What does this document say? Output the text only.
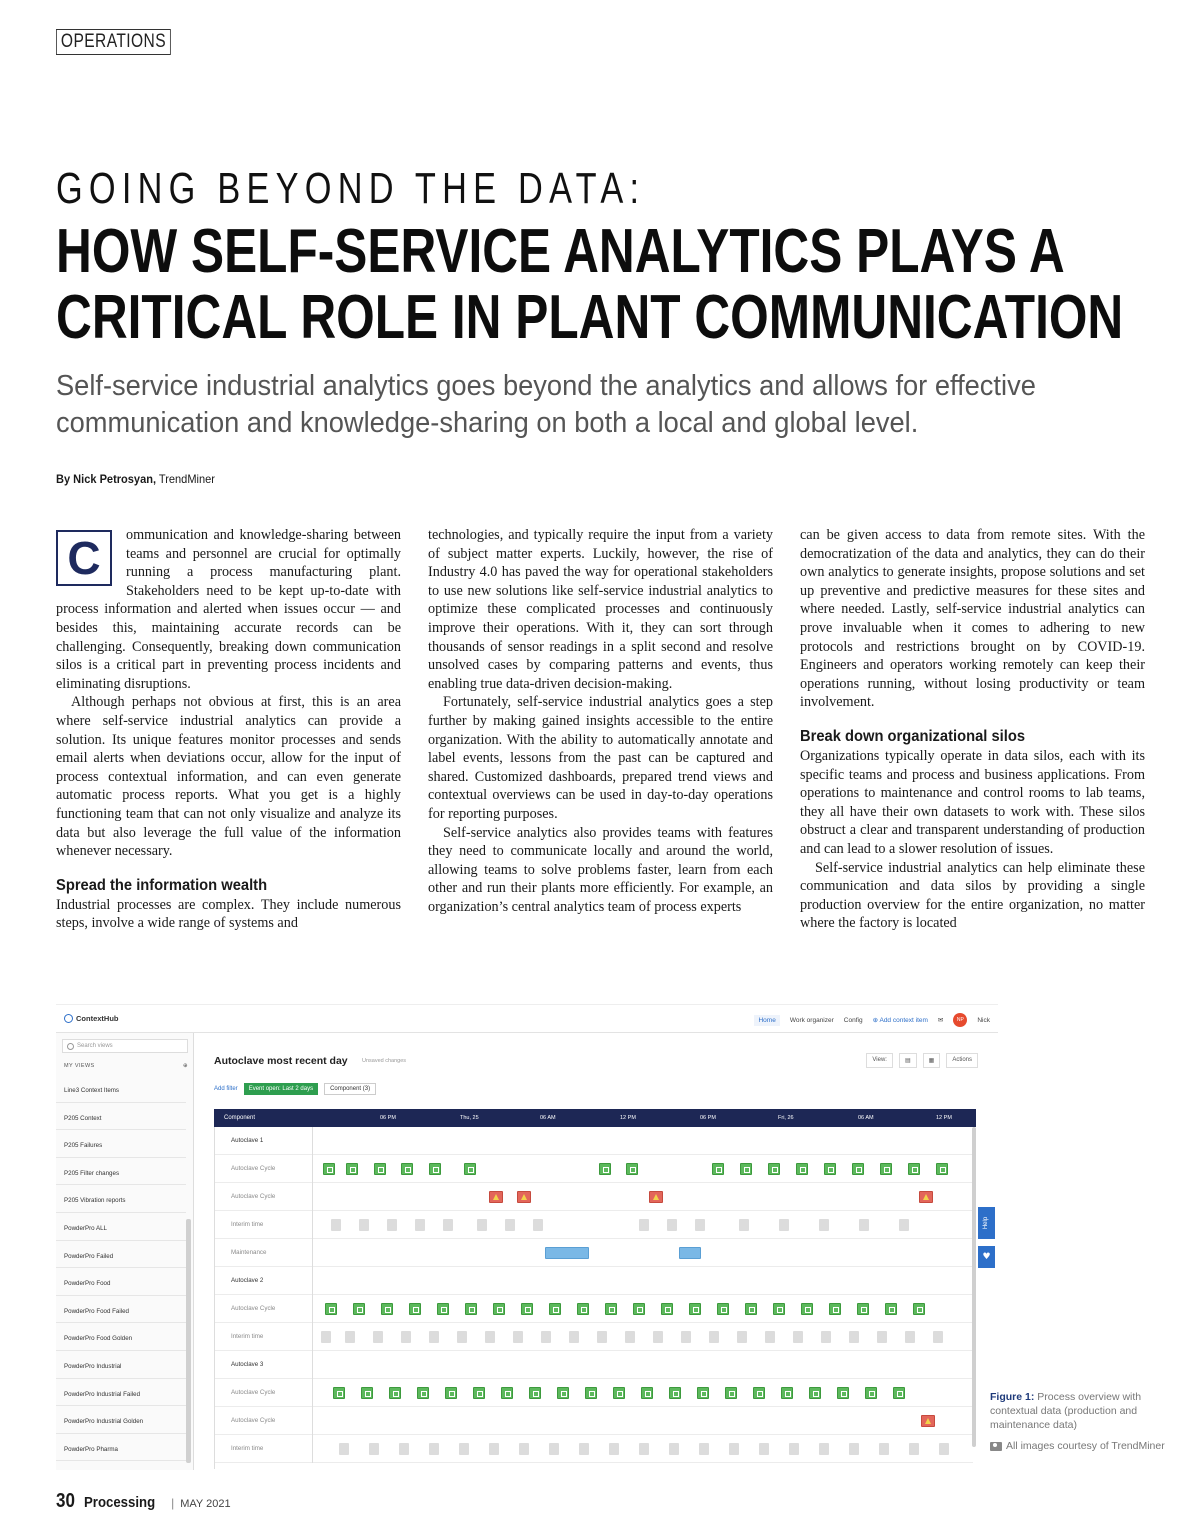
OPERATIONS
GOING BEYOND THE DATA:
HOW SELF-SERVICE ANALYTICS PLAYS A
CRITICAL ROLE IN PLANT COMMUNICATION
Self-service industrial analytics goes beyond the analytics and allows for effective communication and knowledge-sharing on both a local and global level.
By Nick Petrosyan, TrendMiner
C	ommunication and knowledge-sharing between teams and personnel are crucial for optimally running a process manufacturing plant. Stakeholders need to be kept up-to-date with process information and alerted when issues occur — and besides this, maintaining accurate records can be challenging. Consequently, breaking down communication silos is a critical part in preventing process incidents and eliminating disruptions.

Although perhaps not obvious at first, this is an area where self-service industrial analytics can provide a solution. Its unique features monitor processes and sends email alerts when deviations occur, allow for the input of process contextual information, and can even generate automatic process reports. What you get is a highly functioning team that can not only visualize and analyze its data but also leverage the full value of the information whenever necessary.

Spread the information wealth

Industrial processes are complex. They include numerous steps, involve a wide range of systems and

technologies, and typically require the input from a variety of subject matter experts. Luckily, however, the rise of Industry 4.0 has paved the way for operational stakeholders to use new solutions like self-service industrial analytics to optimize these complicated processes and continuously improve their operations. With it, they can sort through thousands of sensor readings in a split second and resolve unsolved cases by comparing patterns and events, thus enabling true data-driven decision-making.

Fortunately, self-service industrial analytics goes a step further by making gained insights accessible to the entire organization. With the ability to automatically annotate and label events, lessons from the past can be captured and shared. Customized dashboards, prepared trend views and contextual overviews can be used in day-to-day operations for reporting purposes.

Self-service analytics also provides teams with features they need to communicate locally and around the world, allowing teams to solve problems faster, learn from each other and run their plants more efficiently. For example, an organization’s central analytics team of process experts

can be given access to data from remote sites. With the democratization of the data and analytics, they can do their own analytics to generate insights, propose solutions and set up preventive and predictive measures for these sites and where needed. Lastly, self-service industrial analytics can prove invaluable when it comes to adhering to new protocols and restrictions brought on by COVID-19. Engineers and operators working remotely can keep their operations running, without losing productivity or team involvement.

Break down organizational silos

Organizations typically operate in data silos, each with its specific teams and process and business applications. From operations to maintenance and control rooms to lab teams, they all have their own datasets to work with. These silos obstruct a clear and transparent understanding of production and can lead to a slower resolution of issues.

Self-service industrial analytics can help eliminate these communication and data silos by providing a single production overview for the entire organization, no matter where the factory is located

ContextHub	Home	Work organizer Config ⊕ Add context item ✉	NP	Nick
Search views
MY VIEWS	⊕
Line3 Context Items
P205 Context
P205 Failures
P205 Filter changes
P205 Vibration reports
PowderPro ALL
PowderPro Failed
PowderPro Food
PowderPro Food Failed
PowderPro Food Golden
PowderPro Industrial
PowderPro Industrial Failed
PowderPro Industrial Golden
PowderPro Pharma
Autoclave most recent day	Unsaved changes	View:	▤	▦	Actions
Add filter	Event open: Last 2 days	Component (3)
Component	06 PM	Thu, 25	06 AM	12 PM	06 PM	Fri, 26	06 AM	12 PM
Autoclave 1
Autoclave Cycle
Autoclave Cycle
Interim time
Maintenance
Autoclave 2
Autoclave Cycle
Interim time
Autoclave 3
Autoclave Cycle
Autoclave Cycle
Interim time
Help
♥
Figure 1: Process overview with contextual data (production and maintenance data)
All images courtesy of TrendMiner
30 Processing | MAY 2021
